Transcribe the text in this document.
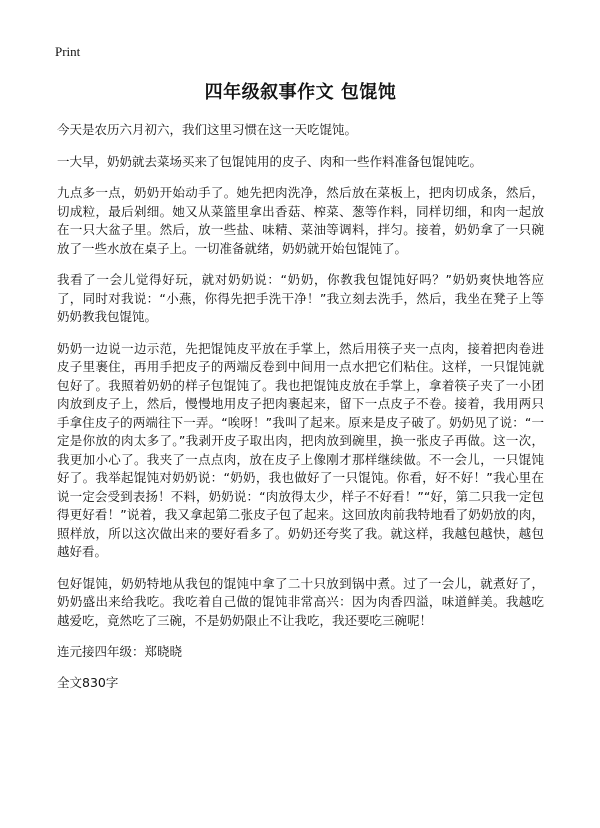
Print
四年级叙事作文 包馄饨
今天是农历六月初六，我们这里习惯在这一天吃馄饨。
一大早，奶奶就去菜场买来了包馄饨用的皮子、肉和一些作料准备包馄饨吃。
九点多一点，奶奶开始动手了。她先把肉洗净，然后放在菜板上，把肉切成条，然后，切成粒，最后剁细。她又从菜篮里拿出香菇、榨菜、葱等作料，同样切细，和肉一起放在一只大盆子里。然后，放一些盐、味精、菜油等调料，拌匀。接着，奶奶拿了一只碗放了一些水放在桌子上。一切准备就绪，奶奶就开始包馄饨了。
我看了一会儿觉得好玩，就对奶奶说：“奶奶，你教我包馄饨好吗？”奶奶爽快地答应了，同时对我说：“小燕，你得先把手洗干净！”我立刻去洗手，然后，我坐在凳子上等奶奶教我包馄饨。
奶奶一边说一边示范，先把馄饨皮平放在手掌上，然后用筷子夹一点肉，接着把肉卷进皮子里裹住，再用手把皮子的两端反卷到中间用一点水把它们粘住。这样，一只馄饨就包好了。我照着奶奶的样子包馄饨了。我也把馄饨皮放在手掌上，拿着筷子夹了一小团肉放到皮子上，然后，慢慢地用皮子把肉裹起来，留下一点皮子不卷。接着，我用两只手拿住皮子的两端往下一弄。“唉呀！”我叫了起来。原来是皮子破了。奶奶见了说：“一定是你放的肉太多了。”我剥开皮子取出肉，把肉放到碗里，换一张皮子再做。这一次，我更加小心了。我夹了一点点肉，放在皮子上像刚才那样继续做。不一会儿，一只馄饨好了。我举起馄饨对奶奶说：“奶奶，我也做好了一只馄饨。你看，好不好！”我心里在说一定会受到表扬！不料，奶奶说：“肉放得太少，样子不好看！”“好，第二只我一定包得更好看！”说着，我又拿起第二张皮子包了起来。这回放肉前我特地看了奶奶放的肉，照样放，所以这次做出来的要好看多了。奶奶还夸奖了我。就这样，我越包越快，越包越好看。
包好馄饨，奶奶特地从我包的馄饨中拿了二十只放到锅中煮。过了一会儿，就煮好了，奶奶盛出来给我吃。我吃着自己做的馄饨非常高兴：因为肉香四溢，味道鲜美。我越吃越爱吃，竟然吃了三碗，不是奶奶限止不让我吃，我还要吃三碗呢！
连元接四年级：郑晓晓
全文830字
